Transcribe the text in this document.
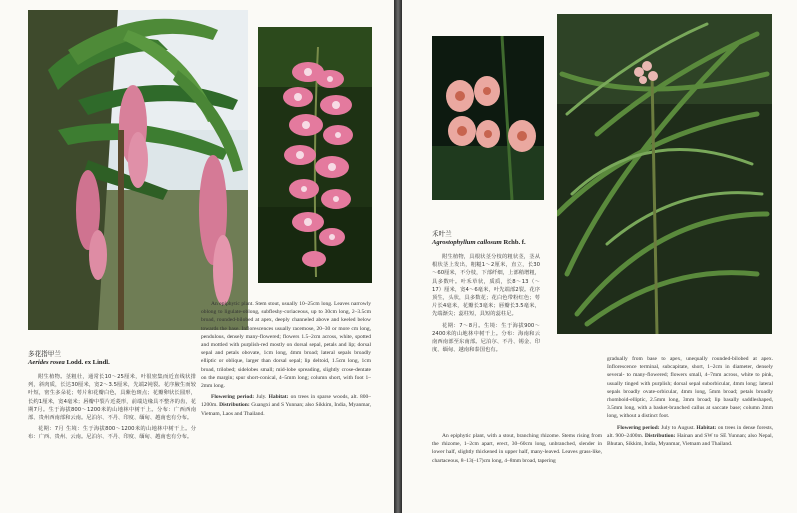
多花指甲兰
Aerides rosea Lodd. ex Lindl.

附生植物。茎粗壮，通常长10～25厘米，叶很密集而近直线状排列，斜肉质，长达30厘米，宽2～3.5厘米，先端2钝裂。花序腋生而较叶短，密生多朵花；萼片和花瓣白色，具紫色斑点；花瓣卵状长圆形，长约1厘米，宽4毫米；唇瓣中裂片近菱形，前端边缘具不整齐的齿，花期7月。生于海拔800～1200米的山地林中树干上。分布：广西西南部、贵州西南部和云南。尼泊尔、不丹、印度、缅甸、越南也有分布。

花期：7月 生境：生于海拔800～1200米的山地林中树干上。分布：广西、贵州、云南。尼泊尔、不丹、印度、缅甸、越南也有分布。

An epiphytic plant. Stem stout, usually 10–25cm long. Leaves narrowly oblong to ligulate-oblong, subfleshy-coriaceous, up to 30cm long, 2–3.5cm broad, rounded-bilobed at apex, deeply channeled above and keeled below towards the base. Inflorescences usually racemose, 20–30 or more cm long, pendulous, densely many-flowered; flowers 1.5–2cm across, white, spotted and mottled with purplish-red mostly on dorsal sepal, petals and lip; dorsal sepal and petals obovate, 1cm long, 4mm broad; lateral sepals broadly elliptic or oblique, larger than dorsal sepal; lip deltoid, 1.5cm long, 1cm broad, trilobed; sidelobes small; mid-lobe spreading, slightly crose-dentate on the margin; spur short-conical, 4–5mm long; column short, with foot 1–2mm long.

Flowering period: July. Habitat: on trees in sparse woods, alt. 800–1200m. Distribution: Guangxi and S Yunnan; also Sikkim, India, Myanmar, Vietnam, Laos and Thailand.

禾叶兰
Agrostophyllum callosum Rchb. f.

附生植物，具根状茎分枝的粗状茎，茎从根状茎上发出，粗糙1～2厘米，直立，长30～60厘米，不分枝，下部纤细，上部稍增粗，具多数叶。叶禾草状，质质，长8～13（～17）厘米，宽4～6毫米，叶先端部2裂。花序顶生，头状，具多数花；花白色带粉红色；萼片长4毫米，花瓣长3毫米；唇瓣长3.5毫米，先端渐尖；蕊柱短，具短的蕊柱足。

花期：7～8月。生境：生于海拔900～2400米的山地林中树干上。分布：海南和云南西南部至东南部。尼泊尔、不丹、锡金、印度、缅甸、越南和泰国也有。

An epiphytic plant, with a stout, branching rhizome. Stems rising from the rhizome, 1–2cm apart, erect, 30–60cm long, unbranched, slender in lower half, slightly thickened in upper half, many-leaved. Leaves grass-like, chartaceous, 8–13(–17)cm long, 4–8mm broad, tapering

gradually from base to apex, unequally rounded-bilobed at apex. Inflorescence terminal, subcapitate, short, 1–2cm in diameter, densely several- to many-flowered; flowers small, 4–7mm across, white to pink, usually tinged with purplish; dorsal sepal suborbicular, 4mm long; lateral sepals broadly ovate-orbicular, 4mm long, 5mm broad; petals broadly rhomboid-elliptic, 2.5mm long, 3mm broad; lip basally saddleshaped, 3.5mm long, with a basket-branched callus at saccate base; column 2mm long, without a distinct foot.

Flowering period: July to August. Habitat: on trees in dense forests, alt. 900–2400m. Distribution: Hainan and SW to SE Yunnan; also Nepal, Bhutan, Sikkim, India, Myanmar, Vietnam and Thailand.
